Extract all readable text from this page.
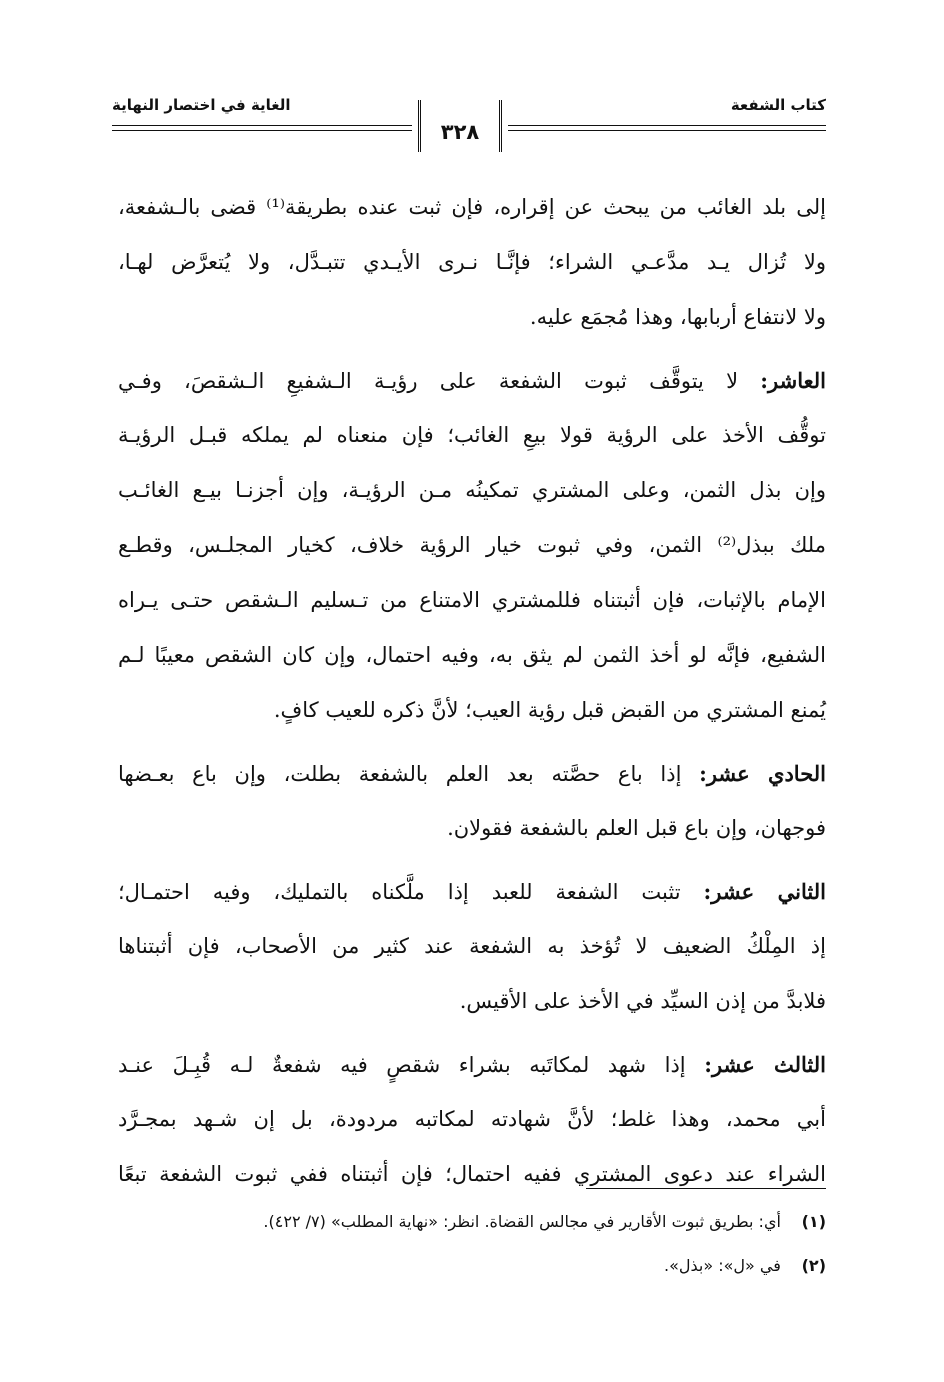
كتاب الشفعة
الغاية في اختصار النهاية
٣٢٨
إلى بلد الغائب من يبحث عن إقراره، فإن ثبت عنده بطريقة⁽¹⁾ قضى بالـشفعة،
ولا تُزال يـد مدَّعـي الشراء؛ فإنَّـا نـرى الأيـدي تتبـدَّل، ولا يُتعرَّض لهـا،
ولا لانتفاع أربابها، وهذا مُجمَع عليه.
العاشر: لا يتوقَّف ثبوت الشفعة على رؤيـة الـشفيعِ الـشقصَ، وفـي
توقُّف الأخذ على الرؤية قولا بيعِ الغائب؛ فإن منعناه لم يملكه قبـل الرؤيـة
وإن بذل الثمن، وعلى المشتري تمكينُه مـن الرؤيـة، وإن أجزنـا بيـع الغائـب
ملك ببذل⁽²⁾ الثمن، وفي ثبوت خيار الرؤية خلاف، كخيار المجلـس، وقطـع
الإمام بالإثبات، فإن أثبتناه فللمشتري الامتناع من تـسليم الـشقص حتـى يـراه
الشفيع، فإنَّه لو أخذ الثمن لم يثق به، وفيه احتمال، وإن كان الشقص معيبًا لـم
يُمنع المشتري من القبض قبل رؤية العيب؛ لأنَّ ذكره للعيب كافٍ.
الحادي عشر: إذا باع حصَّته بعد العلم بالشفعة بطلت، وإن باع بعـضها
فوجهان، وإن باع قبل العلم بالشفعة فقولان.
الثاني عشر: تثبت الشفعة للعبد إذا ملَّكناه بالتمليك، وفيه احتمـال؛
إذ المِلْكُ الضعيف لا تُؤخذ به الشفعة عند كثير من الأصحاب، فإن أثبتناها
فلابدَّ من إذن السيِّد في الأخذ على الأقيس.
الثالث عشر: إذا شهد لمكاتَبه بشراء شقصٍ فيه شفعةٌ لـه قُبِـلَ عنـد
أبي محمد، وهذا غلط؛ لأنَّ شهادته لمكاتبه مردودة، بل إن شـهد بمجـرَّد
الشراء عند دعوى المشتري ففيه احتمال؛ فإن أثبتناه ففي ثبوت الشفعة تبعًا
(١) أي: بطريق ثبوت الأقارير في مجالس القضاة. انظر: «نهاية المطلب» (٧/ ٤٢٢).
(٢) في «ل»: «بذل».
